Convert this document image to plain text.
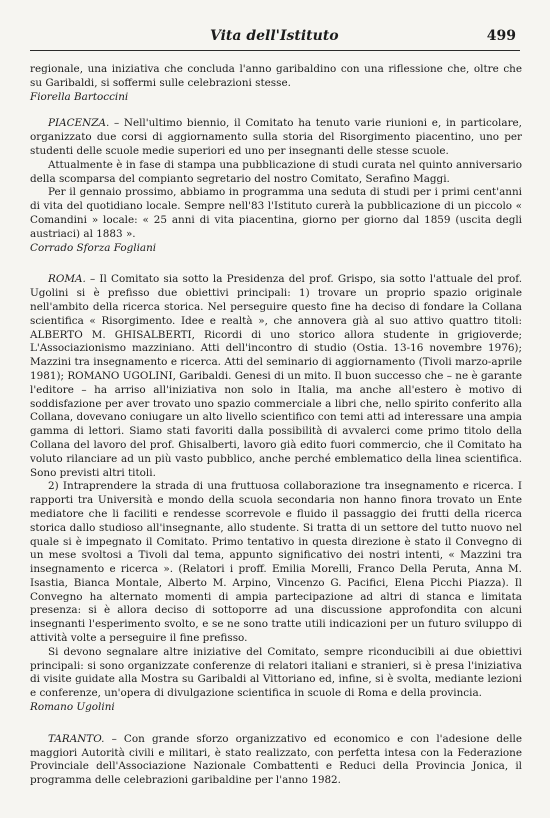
Vita dell'Istituto	499

regionale, una iniziativa che concluda l'anno garibaldino con una riflessione che, oltre che su Garibaldi, si soffermi sulle celebrazioni stesse.

Fiorella Bartoccini

PIACENZA. – Nell'ultimo biennio, il Comitato ha tenuto varie riunioni e, in particolare, organizzato due corsi di aggiornamento sulla storia del Risorgimento piacentino, uno per studenti delle scuole medie superiori ed uno per insegnanti delle stesse scuole.

Attualmente è in fase di stampa una pubblicazione di studi curata nel quinto anniversario della scomparsa del compianto segretario del nostro Comitato, Serafino Maggi.

Per il gennaio prossimo, abbiamo in programma una seduta di studi per i primi cent'anni di vita del quotidiano locale. Sempre nell'83 l'Istituto curerà la pubblicazione di un piccolo « Comandini » locale: « 25 anni di vita piacentina, giorno per giorno dal 1859 (uscita degli austriaci) al 1883 ».

Corrado Sforza Fogliani

ROMA. – Il Comitato sia sotto la Presidenza del prof. Grispo, sia sotto l'attuale del prof. Ugolini si è prefisso due obiettivi principali: 1) trovare un proprio spazio originale nell'ambito della ricerca storica. Nel perseguire questo fine ha deciso di fondare la Collana scientifica « Risorgimento. Idee e realtà », che annovera già al suo attivo quattro titoli: ALBERTO M. GHISALBERTI, Ricordi di uno storico allora studente in grigioverde; L'Associazionismo mazziniano. Atti dell'incontro di studio (Ostia. 13-16 novembre 1976); Mazzini tra insegnamento e ricerca. Atti del seminario di aggiornamento (Tivoli marzo-aprile 1981); ROMANO UGOLINI, Garibaldi. Genesi di un mito. Il buon successo che – ne è garante l'editore – ha arriso all'iniziativa non solo in Italia, ma anche all'estero è motivo di soddisfazione per aver trovato uno spazio commerciale a libri che, nello spirito conferito alla Collana, dovevano coniugare un alto livello scientifico con temi atti ad interessare una ampia gamma di lettori. Siamo stati favoriti dalla possibilità di avvalerci come primo titolo della Collana del lavoro del prof. Ghisalberti, lavoro già edito fuori commercio, che il Comitato ha voluto rilanciare ad un più vasto pubblico, anche perché emblematico della linea scientifica. Sono previsti altri titoli.

2) Intraprendere la strada di una fruttuosa collaborazione tra insegnamento e ricerca. I rapporti tra Università e mondo della scuola secondaria non hanno finora trovato un Ente mediatore che li faciliti e rendesse scorrevole e fluido il passaggio dei frutti della ricerca storica dallo studioso all'insegnante, allo studente. Si tratta di un settore del tutto nuovo nel quale si è impegnato il Comitato. Primo tentativo in questa direzione è stato il Convegno di un mese svoltosi a Tivoli dal tema, appunto significativo dei nostri intenti, « Mazzini tra insegnamento e ricerca ». (Relatori i proff. Emilia Morelli, Franco Della Peruta, Anna M. Isastia, Bianca Montale, Alberto M. Arpino, Vincenzo G. Pacifici, Elena Picchi Piazza). Il Convegno ha alternato momenti di ampia partecipazione ad altri di stanca e limitata presenza: si è allora deciso di sottoporre ad una discussione approfondita con alcuni insegnanti l'esperimento svolto, e se ne sono tratte utili indicazioni per un futuro sviluppo di attività volte a perseguire il fine prefisso.

Si devono segnalare altre iniziative del Comitato, sempre riconducibili ai due obiettivi principali: si sono organizzate conferenze di relatori italiani e stranieri, si è presa l'iniziativa di visite guidate alla Mostra su Garibaldi al Vittoriano ed, infine, si è svolta, mediante lezioni e conferenze, un'opera di divulgazione scientifica in scuole di Roma e della provincia.

Romano Ugolini

TARANTO. – Con grande sforzo organizzativo ed economico e con l'adesione delle maggiori Autorità civili e militari, è stato realizzato, con perfetta intesa con la Federazione Provinciale dell'Associazione Nazionale Combattenti e Reduci della Provincia Jonica, il programma delle celebrazioni garibaldine per l'anno 1982.
